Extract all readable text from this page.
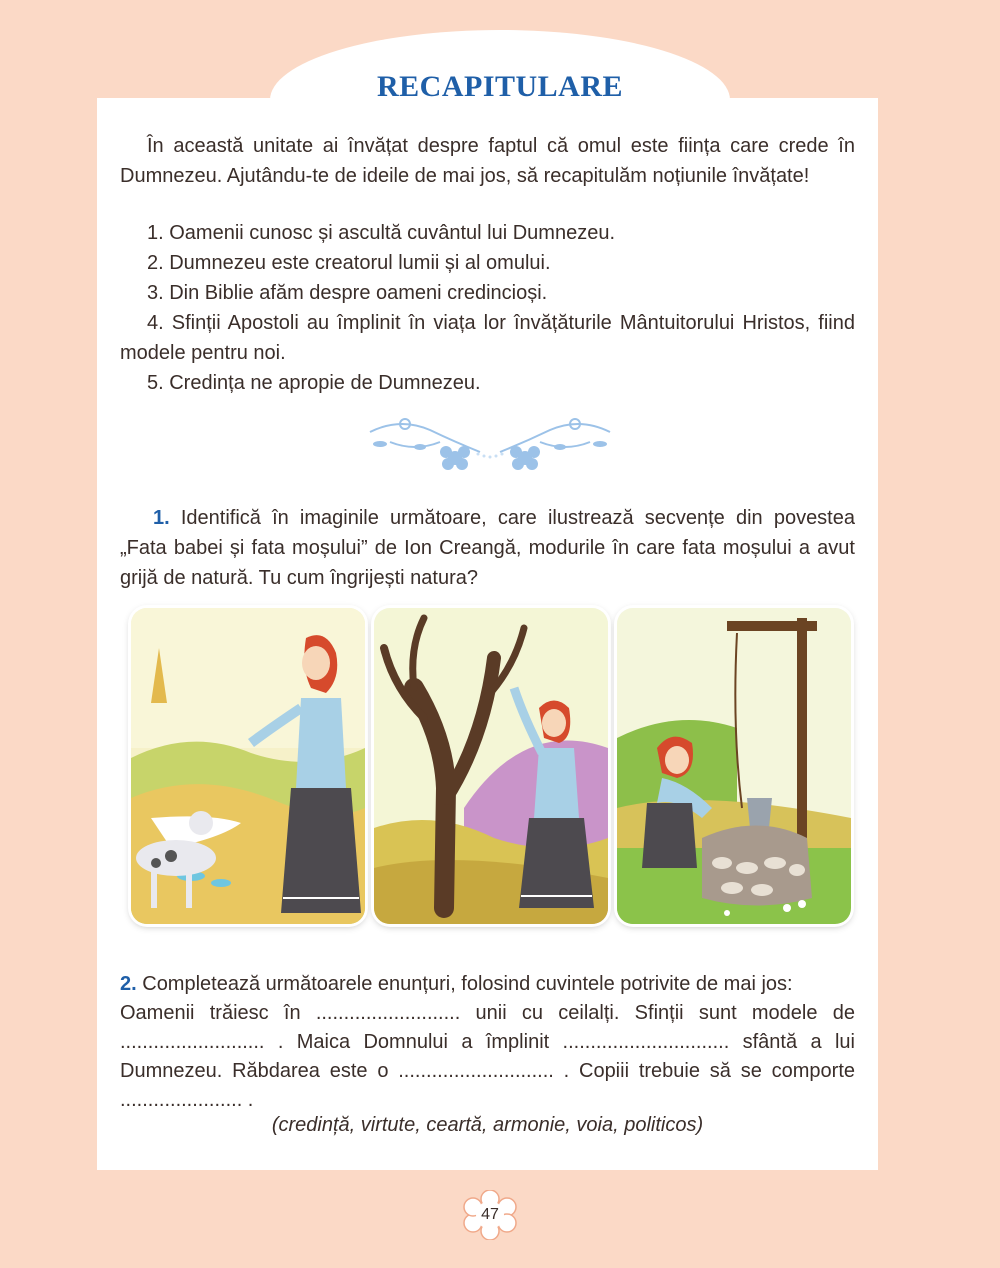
RECAPITULARE
În această unitate ai învățat despre faptul că omul este ființa care crede în Dumnezeu. Ajutându-te de ideile de mai jos, să recapitulăm noțiunile învățate!
1. Oamenii cunosc și ascultă cuvântul lui Dumnezeu.
2. Dumnezeu este creatorul lumii și al omului.
3. Din Biblie afăm despre oameni credincioși.
4. Sfinții Apostoli au împlinit în viața lor învățăturile Mântuitorului Hristos, fiind modele pentru noi.
5. Credința ne apropie de Dumnezeu.
1. Identifică în imaginile următoare, care ilustrează secvențe din povestea „Fata babei și fata moșului” de Ion Creangă, modurile în care fata moșului a avut grijă de natură. Tu cum îngrijești natura?

2. Completează următoarele enunțuri, folosind cuvintele potrivite de mai jos:

Oamenii trăiesc în .......................... unii cu ceilalți. Sfinții sunt modele de .......................... . Maica Domnului a împlinit .............................. sfântă a lui Dumnezeu. Răbdarea este o ............................ . Copiii trebuie să se comporte ...................... .

(credință, virtute, ceartă, armonie, voia, politicos)
47
